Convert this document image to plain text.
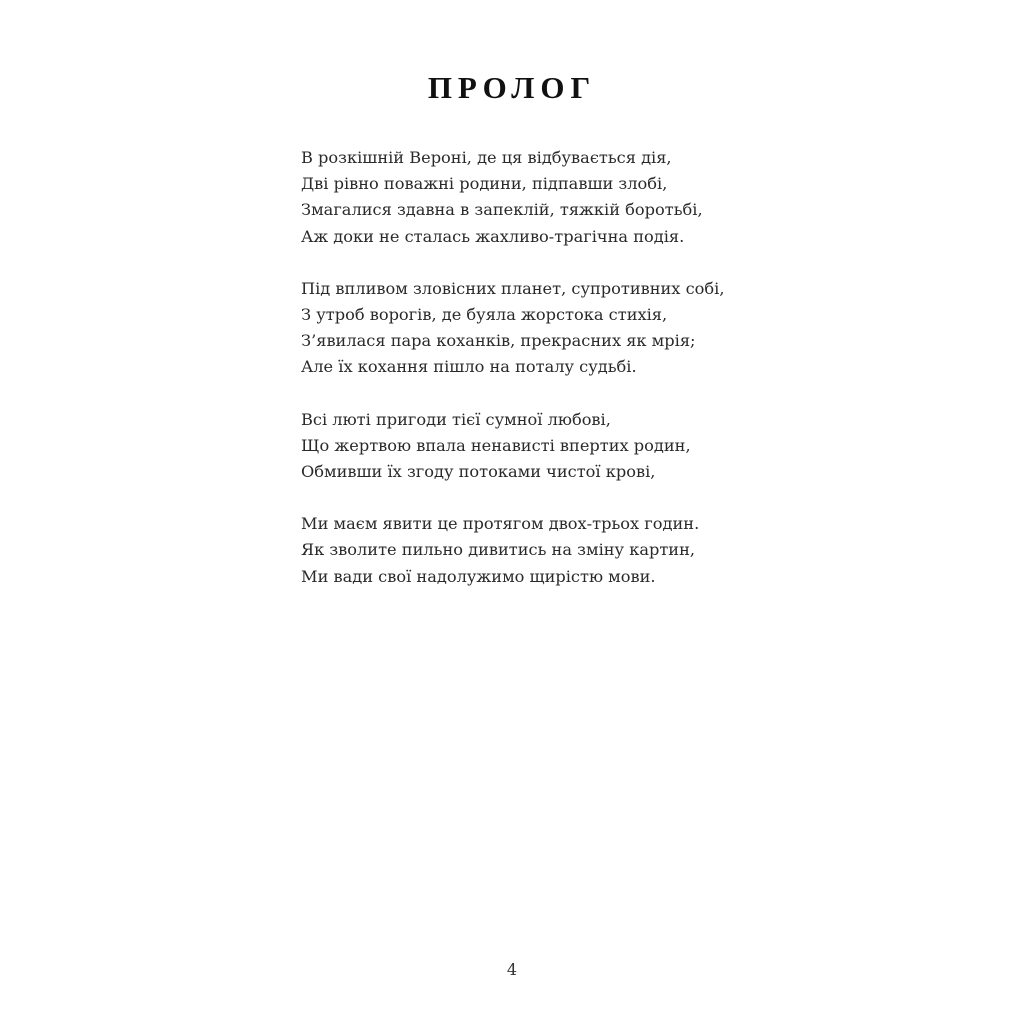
ПРОЛОГ
В розкішній Вероні, де ця відбувається дія,
Дві рівно поважні родини, підпавши злобі,
Змагалися здавна в запеклій, тяжкій боротьбі,
Аж доки не сталась жахливо-трагічна подія.
Під впливом зловісних планет, супротивних собі,
З утроб ворогів, де буяла жорстока стихія,
З’явилася пара коханків, прекрасних як мрія;
Але їх кохання пішло на поталу судьбі.
Всі люті пригоди тієї сумної любові,
Що жертвою впала ненависті впертих родин,
Обмивши їх згоду потоками чистої крові,
Ми маєм явити це протягом двох-трьох годин.
Як зволите пильно дивитись на зміну картин,
Ми вади свої надолужимо щирістю мови.
4
